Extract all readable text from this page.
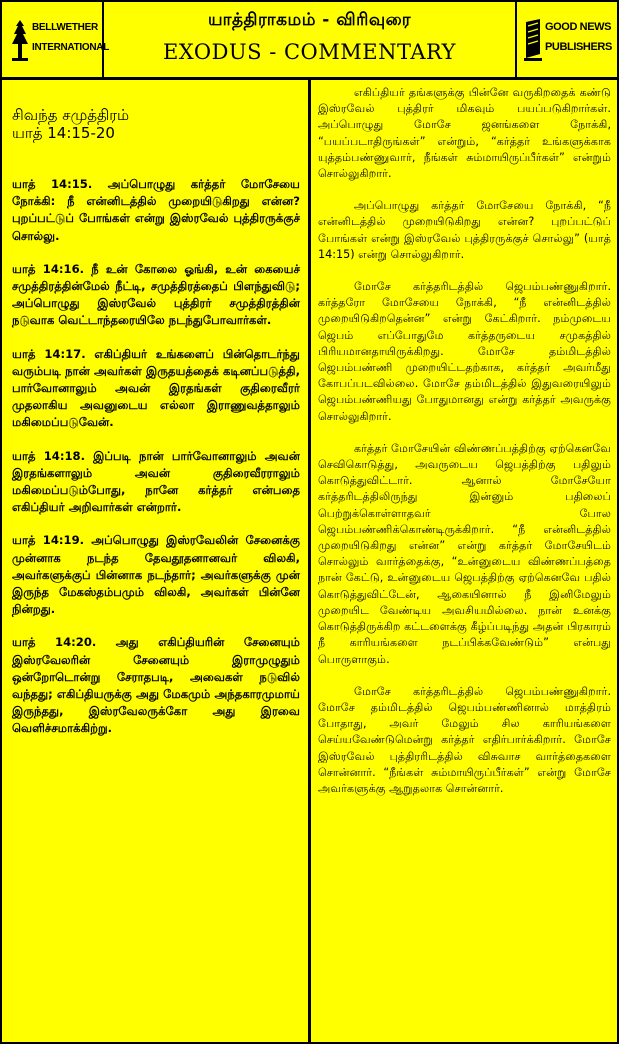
BELLWETHER
INTERNATIONAL
யாத்திராகமம் - விரிவுரை
EXODUS - COMMENTARY
GOOD NEWS
PUBLISHERS

சிவந்த சமுத்திரம்

யாத் 14:15-20

யாத் 14:15. அப்பொழுது கர்த்தர் மோசேயை நோக்கி: நீ என்னிடத்தில் முறையிடுகிறது என்ன? புறப்பட்டுப் போங்கள் என்று இஸ்ரவேல் புத்திரருக்குச் சொல்லு.

யாத் 14:16. நீ உன் கோலை ஓங்கி, உன் கையைச் சமுத்திரத்தின்மேல் நீட்டி, சமுத்திரத்தைப் பிளந்துவிடு; அப்பொழுது இஸ்ரவேல் புத்திரர் சமுத்திரத்தின் நடுவாக வெட்டாந்தரையிலே நடந்துபோவார்கள்.

யாத் 14:17. எகிப்தியர் உங்களைப் பின்தொடர்ந்து வரும்படி நான் அவர்கள் இருதயத்தைக் கடினப்படுத்தி, பார்வோனாலும் அவன் இரதங்கள் குதிரைவீரர் முதலாகிய அவனுடைய எல்லா இராணுவத்தாலும் மகிமைப்படுவேன்.

யாத் 14:18. இப்படி நான் பார்வோனாலும் அவன் இரதங்களாலும் அவன் குதிரைவீரராலும் மகிமைப்படும்போது, நானே கர்த்தர் என்பதை எகிப்தியர் அறிவார்கள் என்றார்.

யாத் 14:19. அப்பொழுது இஸ்ரவேலின் சேனைக்கு முன்னாக நடந்த தேவதூதனானவர் விலகி, அவர்களுக்குப் பின்னாக நடந்தார்; அவர்களுக்கு முன் இருந்த மேகஸ்தம்பமும் விலகி, அவர்கள் பின்னே நின்றது.

யாத் 14:20. அது எகிப்தியரின் சேனையும் இஸ்ரவேலரின் சேனையும் இராமுழுதும் ஒன்றோடொன்று சேராதபடி, அவைகள் நடுவில் வந்தது; எகிப்தியருக்கு அது மேகமும் அந்தகாரமுமாய் இருந்தது, இஸ்ரவேலருக்கோ அது இரவை வெளிச்சமாக்கிற்று.

எகிப்தியர் தங்களுக்கு பின்னே வருகிறதைக் கண்டு இஸ்ரவேல் புத்திரர் மிகவும் பயப்படுகிறார்கள். அப்பொழுது மோசே ஜனங்களை நோக்கி, “பயப்படாதிருங்கள்” என்றும், “கர்த்தர் உங்களுக்காக யுத்தம்பண்ணுவார், நீங்கள் சும்மாயிருப்பீர்கள்” என்றும் சொல்லுகிறார்.

அப்பொழுது கர்த்தர் மோசேயை நோக்கி, “நீ என்னிடத்தில் முறையிடுகிறது என்ன? புறப்பட்டுப் போங்கள் என்று இஸ்ரவேல் புத்திரருக்குச் சொல்லு” (யாத் 14:15) என்று சொல்லுகிறார்.

மோசே கர்த்தரிடத்தில் ஜெபம்பண்ணுகிறார். கர்த்தரோ மோசேயை நோக்கி, “நீ என்னிடத்தில் முறையிடுகிறதென்ன” என்று கேட்கிறார். நம்முடைய ஜெபம் எப்போதுமே கர்த்தருடைய சமுகத்தில் பிரியமானதாயிருக்கிறது. மோசே தம்மிடத்தில் ஜெபம்பண்ணி முறையிட்டதற்காக, கர்த்தர் அவர்மீது கோபப்படவில்லை. மோசே தம்மிடத்தில் இதுவரையிலும் ஜெபம்பண்ணியது போதுமானது என்று கர்த்தர் அவருக்கு சொல்லுகிறார்.

கர்த்தர் மோசேயின் விண்ணப்பத்திற்கு ஏற்கெனவே செவிகொடுத்து, அவருடைய ஜெபத்திற்கு பதிலும் கொடுத்துவிட்டார். ஆனால் மோசேயோ கர்த்தரிடத்திலிருந்து இன்னும் பதிலைப் பெற்றுக்கொள்ளாதவர் போல ஜெபம்பண்ணிக்கொண்டிருக்கிறார். “நீ என்னிடத்தில் முறையிடுகிறது என்ன” என்று கர்த்தர் மோசேயிடம் சொல்லும் வார்த்தைக்கு, “உன்னுடைய விண்ணப்பத்தை நான் கேட்டு, உன்னுடைய ஜெபத்திற்கு ஏற்கெனவே பதில் கொடுத்துவிட்டேன், ஆகையினால் நீ இனிமேலும் முறையிட வேண்டிய அவசியமில்லை. நான் உனக்கு கொடுத்திருக்கிற கட்டளைக்கு கீழ்ப்படிந்து அதன் பிரகாரம் நீ காரியங்களை நடப்பிக்கவேண்டும்” என்பது பொருளாகும்.

மோசே கர்த்தரிடத்தில் ஜெபம்பண்ணுகிறார். மோசே தம்மிடத்தில் ஜெபம்பண்ணினால் மாத்திரம் போதாது, அவர் மேலும் சில காரியங்களை செய்யவேண்டுமென்று கர்த்தர் எதிர்பார்க்கிறார். மோசே இஸ்ரவேல் புத்திரரிடத்தில் விசுவாச வார்த்தைகளை சொன்னார். “நீங்கள் சும்மாயிருப்பீர்கள்” என்று மோசே அவர்களுக்கு ஆறுதலாக சொன்னார்.
